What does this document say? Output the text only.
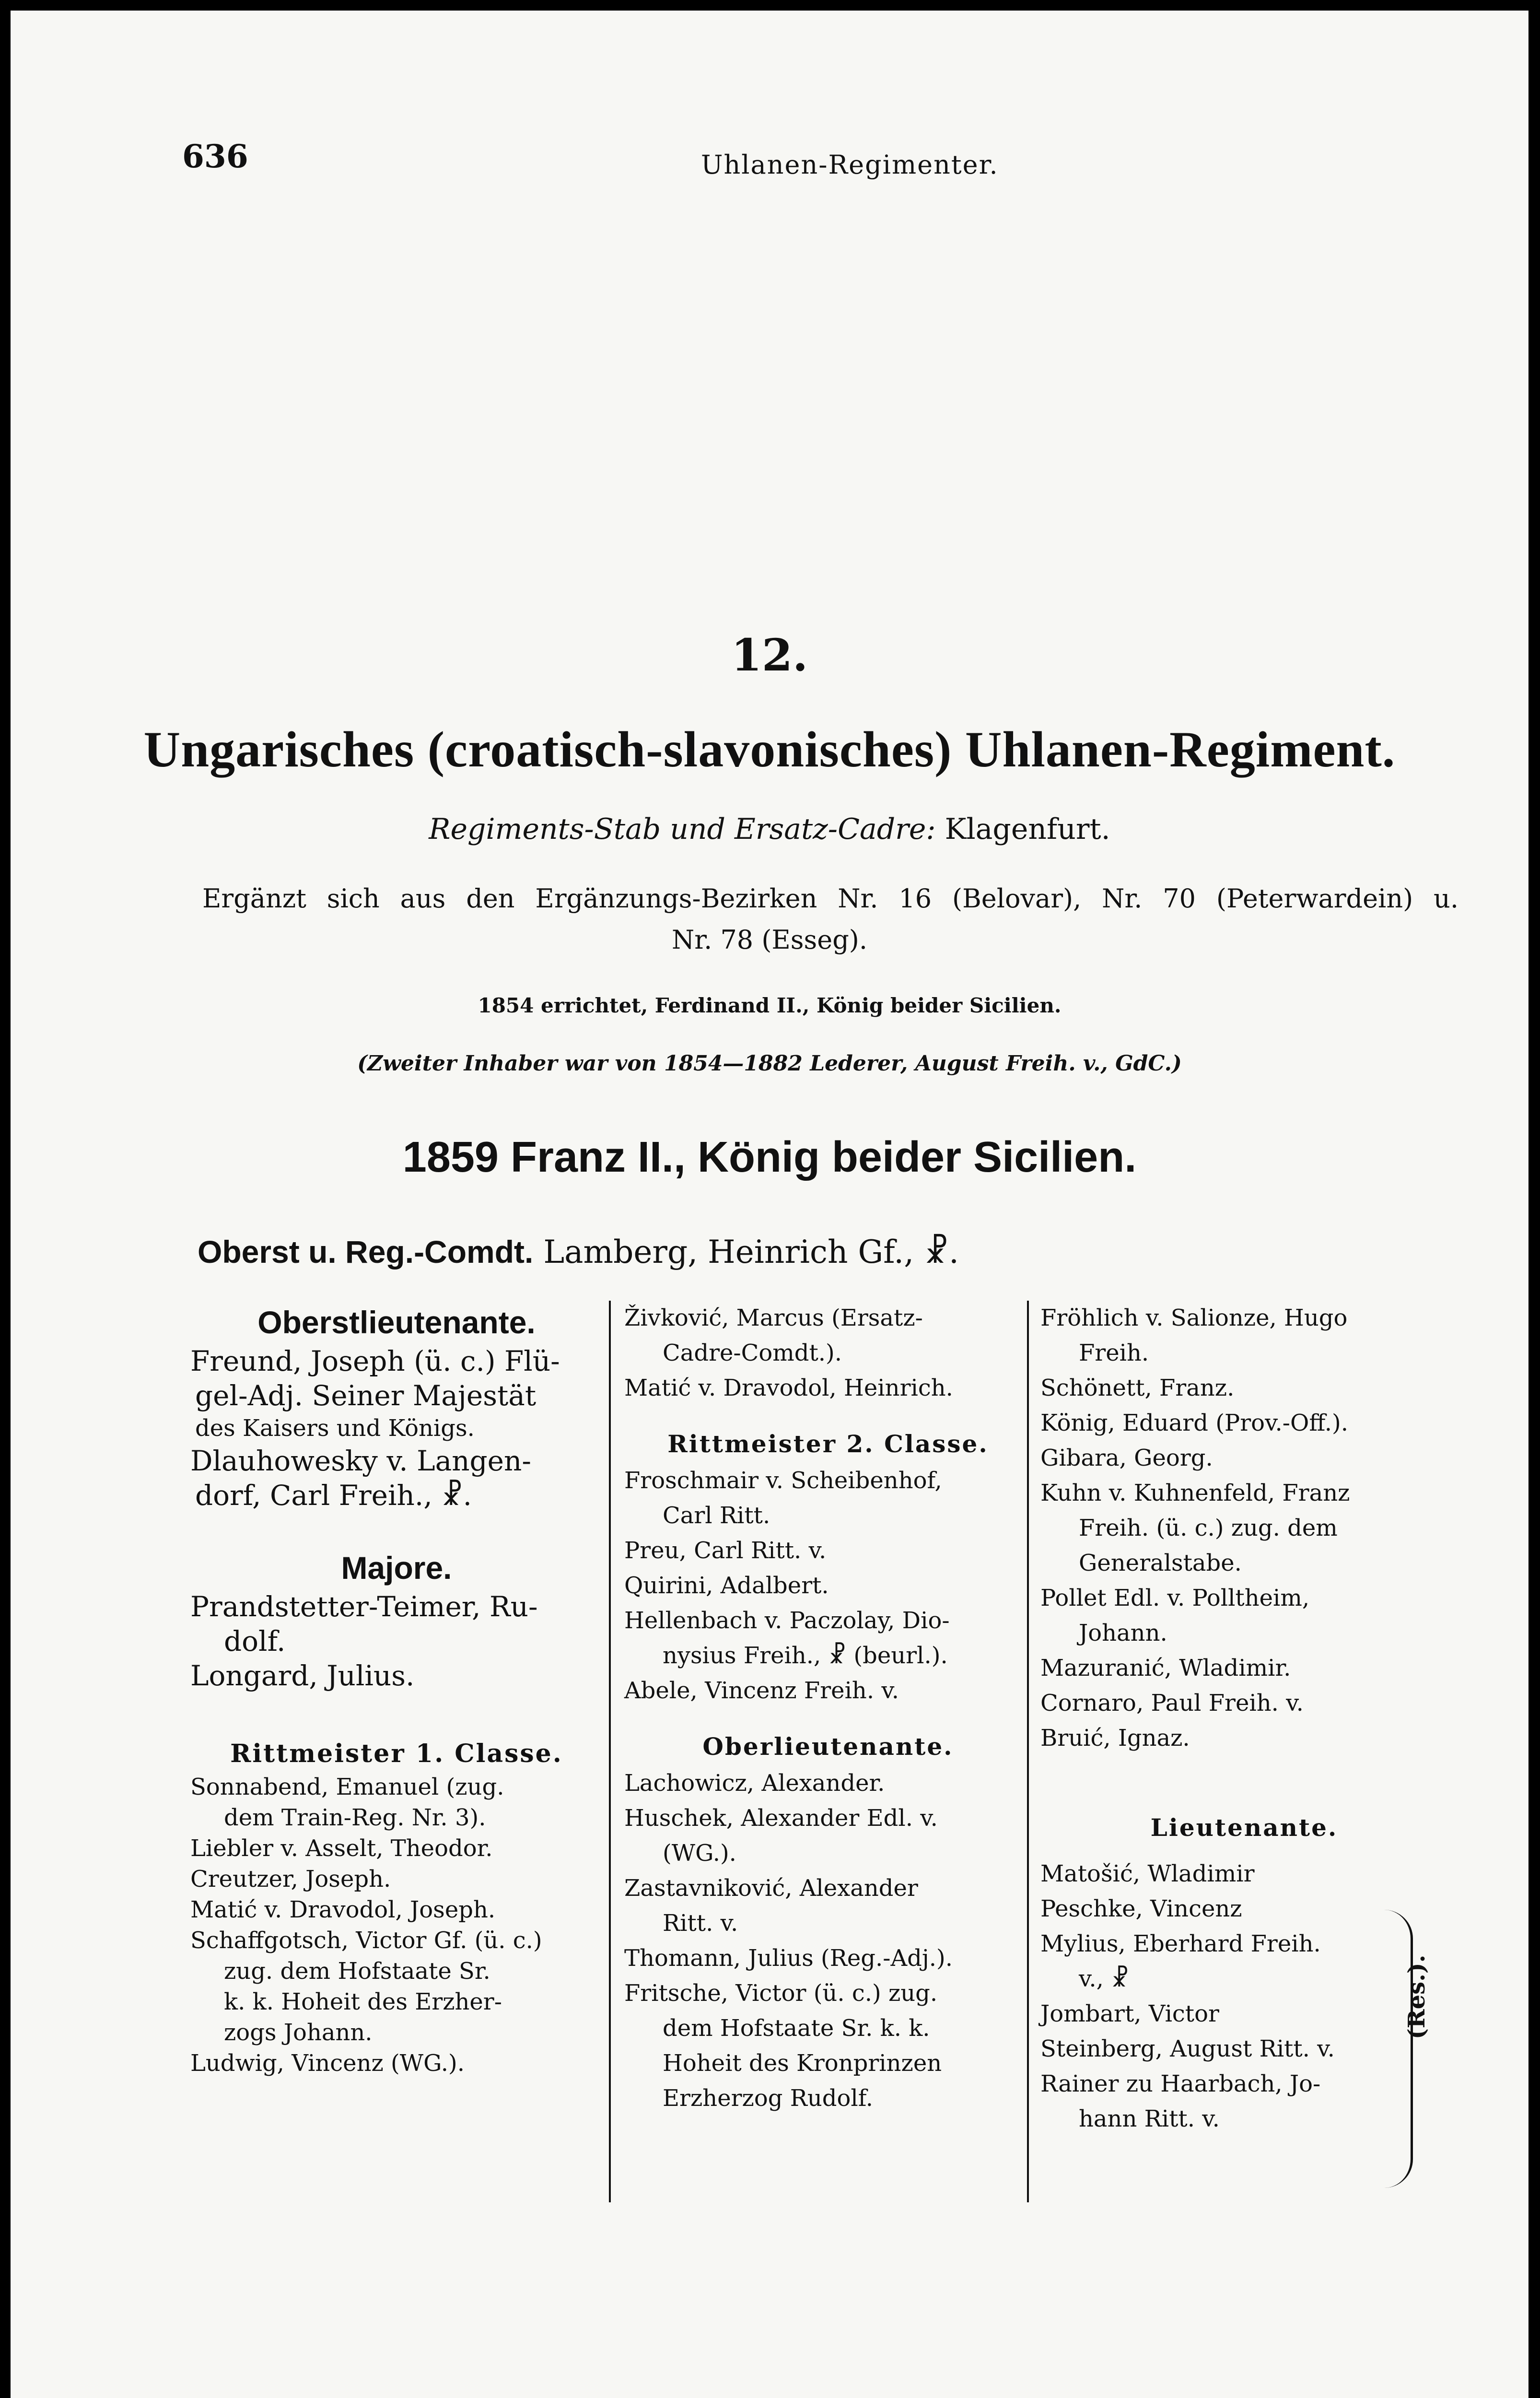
636	Uhlanen-Regimenter.
12.
Ungarisches (croatisch-slavonisches) Uhlanen-Regiment.
Regiments-Stab und Ersatz-Cadre: Klagenfurt.
Ergänzt sich aus den Ergänzungs-Bezirken Nr. 16 (Belovar), Nr. 70 (Peterwardein) u.
Nr. 78 (Esseg).
1854 errichtet, Ferdinand II., König beider Sicilien.
(Zweiter Inhaber war von 1854—1882 Lederer, August Freih. v., GdC.)
1859 Franz II., König beider Sicilien.
Oberst u. Reg.-Comdt. Lamberg, Heinrich Gf., ☧.
Oberstlieutenante.
Freund, Joseph (ü. c.) Flü-
gel-Adj. Seiner Majestät
des Kaisers und Königs.
Dlauhowesky v. Langen-
dorf, Carl Freih., ☧.
Majore.
Prandstetter-Teimer, Ru-
dolf.
Longard, Julius.
Rittmeister 1. Classe.
Sonnabend, Emanuel (zug.
dem Train-Reg. Nr. 3).
Liebler v. Asselt, Theodor.
Creutzer, Joseph.
Matić v. Dravodol, Joseph.
Schaffgotsch, Victor Gf. (ü. c.)
zug. dem Hofstaate Sr.
k. k. Hoheit des Erzher-
zogs Johann.
Ludwig, Vincenz (WG.).
Živković, Marcus (Ersatz-
Cadre-Comdt.).
Matić v. Dravodol, Heinrich.
Rittmeister 2. Classe.
Froschmair v. Scheibenhof,
Carl Ritt.
Preu, Carl Ritt. v.
Quirini, Adalbert.
Hellenbach v. Paczolay, Dio-
nysius Freih., ☧ (beurl.).
Abele, Vincenz Freih. v.
Oberlieutenante.
Lachowicz, Alexander.
Huschek, Alexander Edl. v.
(WG.).
Zastavniković, Alexander
Ritt. v.
Thomann, Julius (Reg.-Adj.).
Fritsche, Victor (ü. c.) zug.
dem Hofstaate Sr. k. k.
Hoheit des Kronprinzen
Erzherzog Rudolf.
Fröhlich v. Salionze, Hugo
Freih.
Schönett, Franz.
König, Eduard (Prov.-Off.).
Gibara, Georg.
Kuhn v. Kuhnenfeld, Franz
Freih. (ü. c.) zug. dem
Generalstabe.
Pollet Edl. v. Polltheim,
Johann.
Mazuranić, Wladimir.
Cornaro, Paul Freih. v.
Bruić, Ignaz.
Lieutenante.
Matošić, Wladimir
Peschke, Vincenz
Mylius, Eberhard Freih.
v., ☧
Jombart, Victor
Steinberg, August Ritt. v.
Rainer zu Haarbach, Jo-
hann Ritt. v.
(Res.).
